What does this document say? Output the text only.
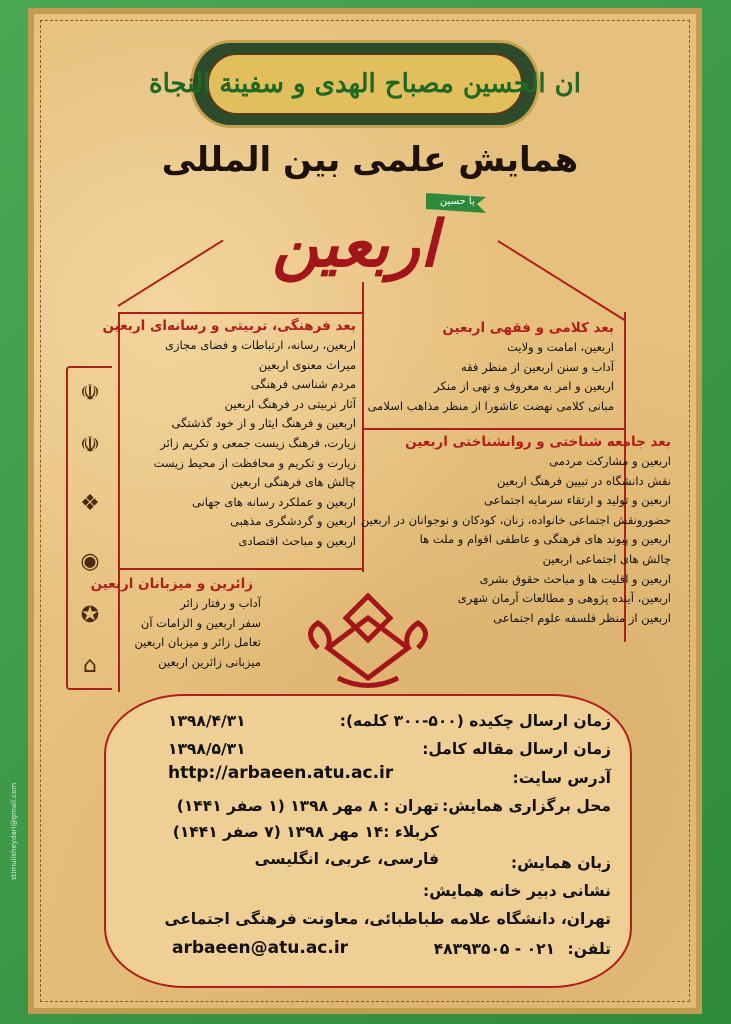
ان الحسین مصباح الهدی و سفینة النجاة
همایش علمی بین المللی
یا حسین
اربعین
بعد فرهنگی، تربیتی و رسانه‌ای اربعین
اربعین، رسانه، ارتباطات و فضای مجازی
میراث معنوی اربعین
مردم شناسی فرهنگی
آثار تربیتی در فرهنگ اربعین
اربعین و فرهنگ ایثار و از خود گذشتگی
زیارت، فرهنگ زیست جمعی و تکریم زائر
زیارت و تکریم و محافظت از محیط زیست
چالش های فرهنگی اربعین
اربعین و عملکرد رسانه های جهانی
اربعین و گردشگری مذهبی
اربعین و مباحث اقتصادی
بعد کلامی و فقهی اربعین
اربعین، امامت و ولایت
آداب و سنن اربعین از منظر فقه
اربعین و امر به معروف و نهی از منکر
مبانی کلامی نهضت عاشورا از منظر مذاهب اسلامی
بعد جامعه شناختی و روانشناختی اربعین
اربعین و مشارکت مردمی
نقش دانشگاه در تبیین فرهنگ اربعین
اربعین و تولید و ارتقاء سرمایه اجتماعی
حضورونقش اجتماعی خانواده، زنان، کودکان و نوجوانان در اربعین
اربعین و پیوند های فرهنگی و عاطفی اقوام و ملت ها
چالش های اجتماعی اربعین
اربعین و اقلیت ها و مباحث حقوق بشری
اربعین، آینده پژوهی و مطالعات آرمان شهری
اربعین از منظر فلسفه علوم اجتماعی
زائرین و میزبانان اربعین
آداب و رفتار زائر
سفر اربعین و الزامات آن
تعامل زائر و میزبان اربعین
میزبانی زائرین اربعین
☫
☫
❖
◉
✪
⌂
زمان ارسال چکیده (۵۰۰-۳۰۰ کلمه):
۱۳۹۸/۴/۳۱
زمان ارسال مقاله کامل:
۱۳۹۸/۵/۳۱
آدرس سایت:
http://arbaeen.atu.ac.ir
محل برگزاری همایش:
تهران : ۸ مهر ۱۳۹۸ (۱ صفر ۱۴۴۱)
کربلاء :۱۴ مهر ۱۳۹۸ (۷ صفر ۱۴۴۱)
زبان همایش:
فارسی، عربی، انگلیسی
نشانی دبیر خانه همایش:
تهران، دانشگاه علامه طباطبائی، معاونت فرهنگی اجتماعی
arbaeen@atu.ac.ir	تلفن:
۰۲۱ - ۴۸۳۹۳۵۰۵
stimulisheydari@gmail.com
